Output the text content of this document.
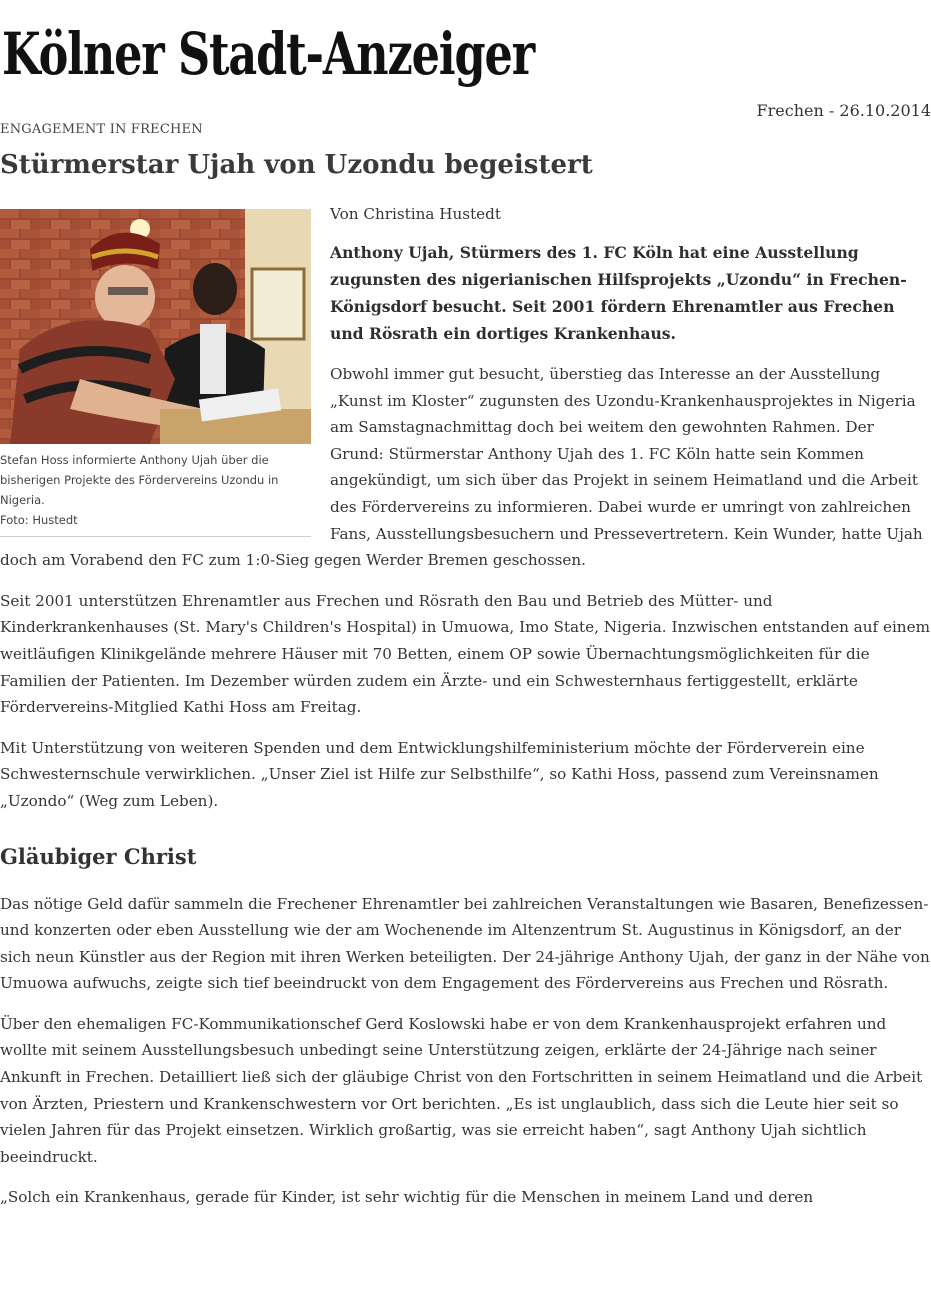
Kölner Stadt-Anzeiger
Frechen - 26.10.2014
ENGAGEMENT IN FRECHEN
Stürmerstar Ujah von Uzondu begeistert
Stefan Hoss informierte Anthony Ujah über die bisherigen Projekte des Fördervereins Uzondu in Nigeria.
Foto: Hustedt

Von Christina Hustedt

Anthony Ujah, Stürmers des 1. FC Köln hat eine Ausstellung zugunsten des nigerianischen Hilfsprojekts „Uzondu“ in Frechen-Königsdorf besucht. Seit 2001 fördern Ehrenamtler aus Frechen und Rösrath ein dortiges Krankenhaus.

Obwohl immer gut besucht, überstieg das Interesse an der Ausstellung „Kunst im Kloster“ zugunsten des Uzondu-Krankenhausprojektes in Nigeria am Samstagnachmittag doch bei weitem den gewohnten Rahmen. Der Grund: Stürmerstar Anthony Ujah des 1. FC Köln hatte sein Kommen angekündigt, um sich über das Projekt in seinem Heimatland und die Arbeit des Fördervereins zu informieren. Dabei wurde er umringt von zahlreichen Fans, Ausstellungsbesuchern und Pressevertretern. Kein Wunder, hatte Ujah doch am Vorabend den FC zum 1:0-Sieg gegen Werder Bremen geschossen.

Seit 2001 unterstützen Ehrenamtler aus Frechen und Rösrath den Bau und Betrieb des Mütter- und Kinderkrankenhauses (St. Mary's Children's Hospital) in Umuowa, Imo State, Nigeria. Inzwischen entstanden auf einem weitläufigen Klinikgelände mehrere Häuser mit 70 Betten, einem OP sowie Übernachtungsmöglichkeiten für die Familien der Patienten. Im Dezember würden zudem ein Ärzte- und ein Schwesternhaus fertiggestellt, erklärte Fördervereins-Mitglied Kathi Hoss am Freitag.

Mit Unterstützung von weiteren Spenden und dem Entwicklungshilfeministerium möchte der Förderverein eine Schwesternschule verwirklichen. „Unser Ziel ist Hilfe zur Selbsthilfe“, so Kathi Hoss, passend zum Vereinsnamen „Uzondo“ (Weg zum Leben).

Gläubiger Christ

Das nötige Geld dafür sammeln die Frechener Ehrenamtler bei zahlreichen Veranstaltungen wie Basaren, Benefizessen- und konzerten oder eben Ausstellung wie der am Wochenende im Altenzentrum St. Augustinus in Königsdorf, an der sich neun Künstler aus der Region mit ihren Werken beteiligten. Der 24-jährige Anthony Ujah, der ganz in der Nähe von Umuowa aufwuchs, zeigte sich tief beeindruckt von dem Engagement des Fördervereins aus Frechen und Rösrath.

Über den ehemaligen FC-Kommunikationschef Gerd Koslowski habe er von dem Krankenhausprojekt erfahren und wollte mit seinem Ausstellungsbesuch unbedingt seine Unterstützung zeigen, erklärte der 24-Jährige nach seiner Ankunft in Frechen. Detailliert ließ sich der gläubige Christ von den Fortschritten in seinem Heimatland und die Arbeit von Ärzten, Priestern und Krankenschwestern vor Ort berichten. „Es ist unglaublich, dass sich die Leute hier seit so vielen Jahren für das Projekt einsetzen. Wirklich großartig, was sie erreicht haben“, sagt Anthony Ujah sichtlich beeindruckt.

„Solch ein Krankenhaus, gerade für Kinder, ist sehr wichtig für die Menschen in meinem Land und deren
